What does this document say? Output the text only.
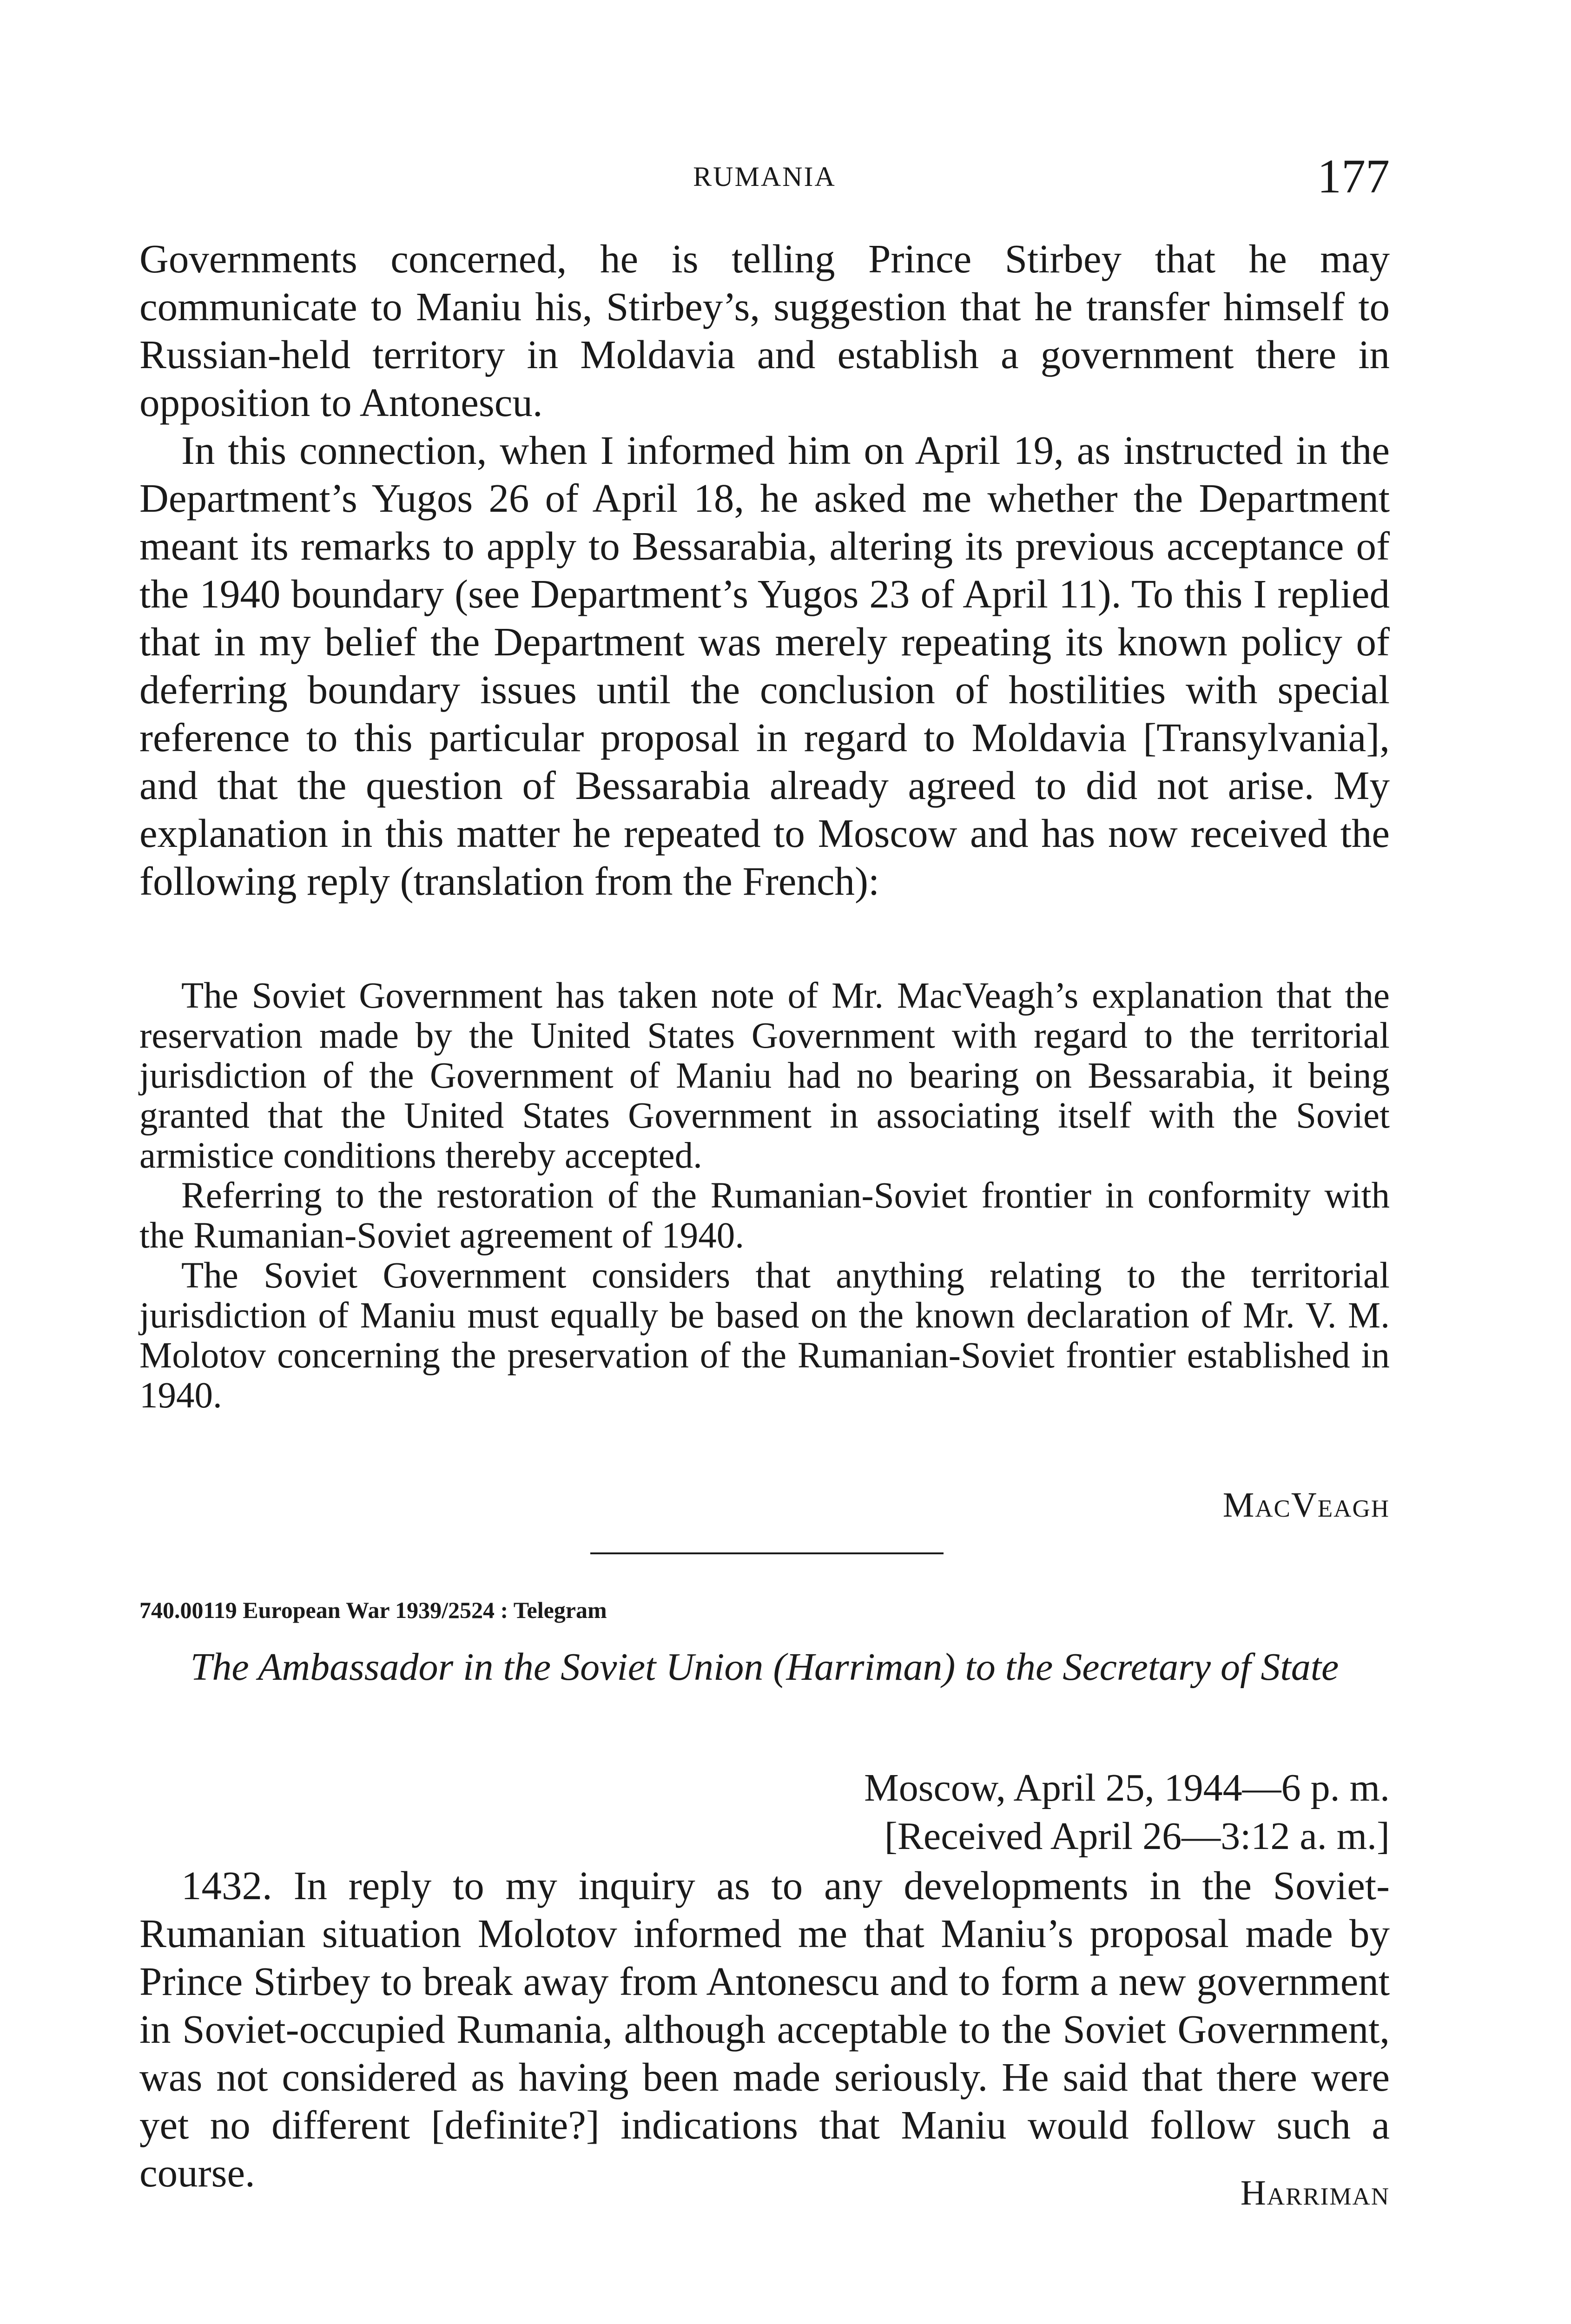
RUMANIA	177

Governments concerned, he is telling Prince Stirbey that he may communicate to Maniu his, Stirbey’s, suggestion that he transfer himself to Russian-held territory in Moldavia and establish a government there in opposition to Antonescu.

In this connection, when I informed him on April 19, as instructed in the Department’s Yugos 26 of April 18, he asked me whether the Department meant its remarks to apply to Bessarabia, altering its previous acceptance of the 1940 boundary (see Department’s Yugos 23 of April 11). To this I replied that in my belief the Department was merely repeating its known policy of deferring boundary issues until the conclusion of hostilities with special reference to this particular proposal in regard to Moldavia [Transylvania], and that the question of Bessarabia already agreed to did not arise. My explanation in this matter he repeated to Moscow and has now received the following reply (translation from the French):

The Soviet Government has taken note of Mr. MacVeagh’s explanation that the reservation made by the United States Government with regard to the territorial jurisdiction of the Government of Maniu had no bearing on Bessarabia, it being granted that the United States Government in associating itself with the Soviet armistice conditions thereby accepted.

Referring to the restoration of the Rumanian-Soviet frontier in conformity with the Rumanian-Soviet agreement of 1940.

The Soviet Government considers that anything relating to the territorial jurisdiction of Maniu must equally be based on the known declaration of Mr. V. M. Molotov concerning the preservation of the Rumanian-Soviet frontier established in 1940.

MacVeagh
740.00119 European War 1939/2524 : Telegram
The Ambassador in the Soviet Union (Harriman) to the Secretary of State
Moscow, April 25, 1944—6 p. m.
[Received April 26—3:12 a. m.]

1432. In reply to my inquiry as to any developments in the Soviet-Rumanian situation Molotov informed me that Maniu’s proposal made by Prince Stirbey to break away from Antonescu and to form a new government in Soviet-occupied Rumania, although acceptable to the Soviet Government, was not considered as having been made seriously. He said that there were yet no different [definite?] indications that Maniu would follow such a course.	Harriman
